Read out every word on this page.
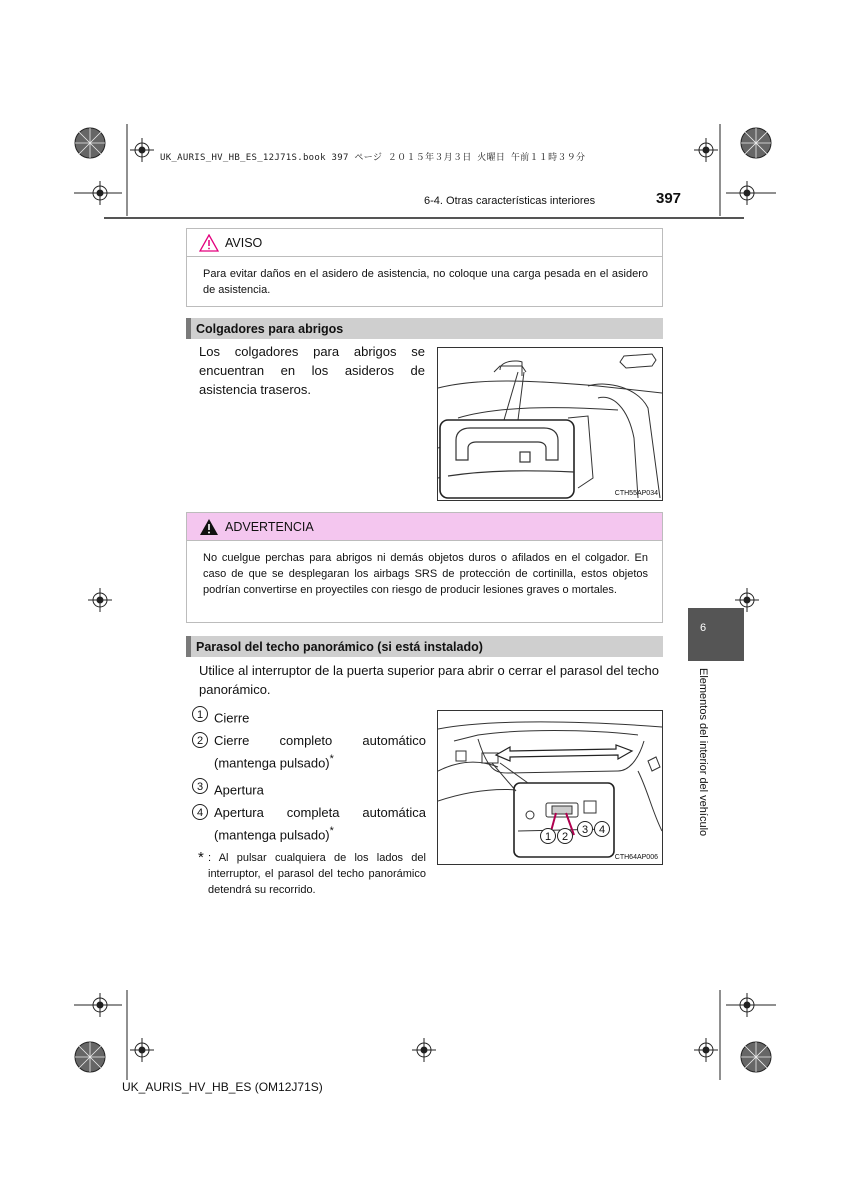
UK_AURIS_HV_HB_ES_12J71S.book 397 ページ ２０１５年３月３日 火曜日 午前１１時３９分
6-4. Otras características interiores	397
AVISO
Para evitar daños en el asidero de asistencia, no coloque una carga pesada en el asidero de asistencia.
Colgadores para abrigos
Los colgadores para abrigos se encuentran en los asideros de asistencia traseros.
CTH55AP034
ADVERTENCIA
No cuelgue perchas para abrigos ni demás objetos duros o afilados en el colgador. En caso de que se desplegaran los airbags SRS de protección de cortinilla, estos objetos podrían convertirse en proyectiles con riesgo de producir lesiones graves o mortales.
Parasol del techo panorámico (si está instalado)
Utilice al interruptor de la puerta superior para abrir o cerrar el parasol del techo panorámico.
1 Cierre
2 Cierre completo automático (mantenga pulsado)*
3 Apertura
4 Apertura completa automática (mantenga pulsado)*
* : Al pulsar cualquiera de los lados del interruptor, el parasol del techo panorámico detendrá su recorrido.
1 2
3 4
CTH64AP006
6
Elementos del interior del vehículo
UK_AURIS_HV_HB_ES (OM12J71S)
